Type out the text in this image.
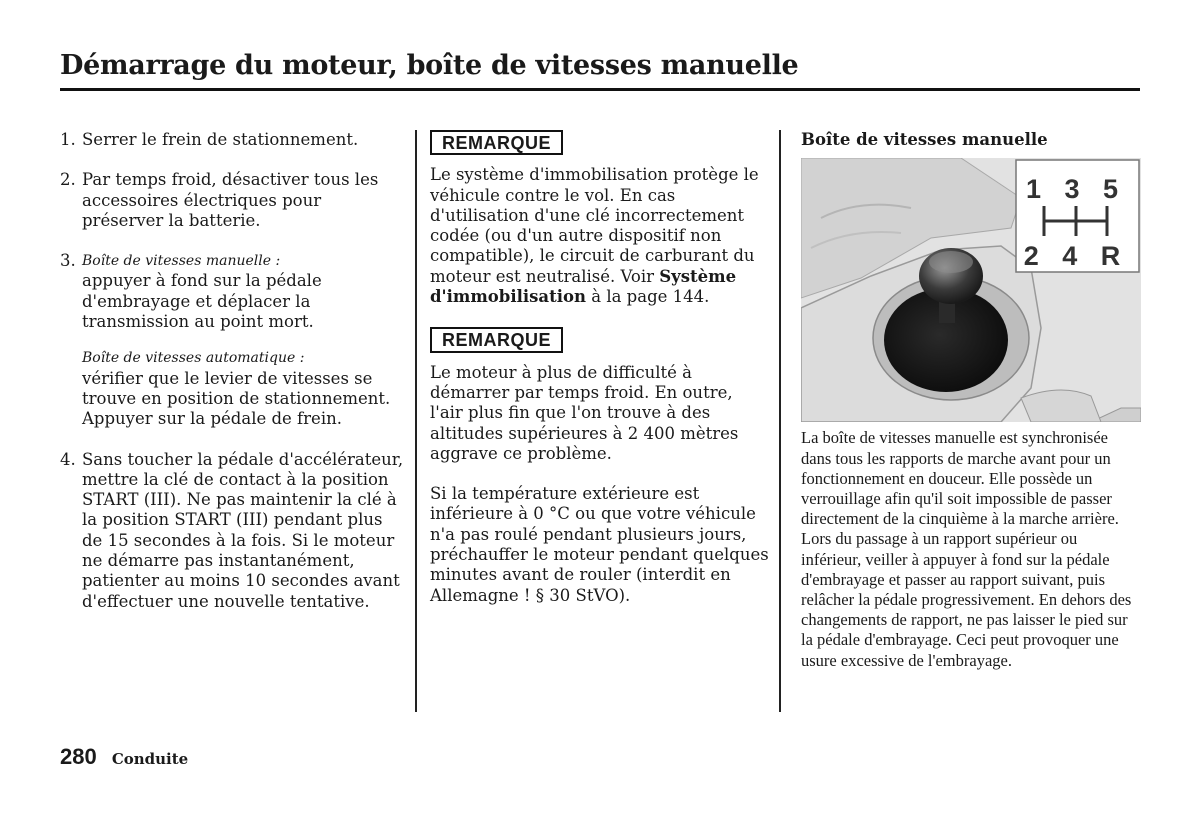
Démarrage du moteur, boîte de vitesses manuelle
1. Serrer le frein de stationnement.
2. Par temps froid, désactiver tous les accessoires électriques pour préserver la batterie.
3. Boîte de vitesses manuelle :
appuyer à fond sur la pédale d'embrayage et déplacer la transmission au point mort.
Boîte de vitesses automatique :
vérifier que le levier de vitesses se trouve en position de stationnement. Appuyer sur la pédale de frein.
4. Sans toucher la pédale d'accélérateur, mettre la clé de contact à la position START (III). Ne pas maintenir la clé à la position START (III) pendant plus de 15 secondes à la fois. Si le moteur ne démarre pas instantanément, patienter au moins 10 secondes avant d'effectuer une nouvelle tentative.
REMARQUE
Le système d'immobilisation protège le véhicule contre le vol. En cas d'utilisation d'une clé incorrectement codée (ou d'un autre dispositif non compatible), le circuit de carburant du moteur est neutralisé. Voir Système d'immobilisation à la page 144.
REMARQUE
Le moteur à plus de difficulté à démarrer par temps froid. En outre, l'air plus fin que l'on trouve à des altitudes supérieures à 2 400 mètres aggrave ce problème.
Si la température extérieure est inférieure à 0 °C ou que votre véhicule n'a pas roulé pendant plusieurs jours, préchauffer le moteur pendant quelques minutes avant de rouler (interdit en Allemagne ! § 30 StVO).
Boîte de vitesses manuelle
1 3 5
2 4 R
La boîte de vitesses manuelle est synchronisée dans tous les rapports de marche avant pour un fonctionnement en douceur. Elle possède un verrouillage afin qu'il soit impossible de passer directement de la cinquième à la marche arrière. Lors du passage à un rapport supérieur ou inférieur, veiller à appuyer à fond sur la pédale d'embrayage et passer au rapport suivant, puis relâcher la pédale progressivement. En dehors des changements de rapport, ne pas laisser le pied sur la pédale d'embrayage. Ceci peut provoquer une usure excessive de l'embrayage.
280 Conduite
